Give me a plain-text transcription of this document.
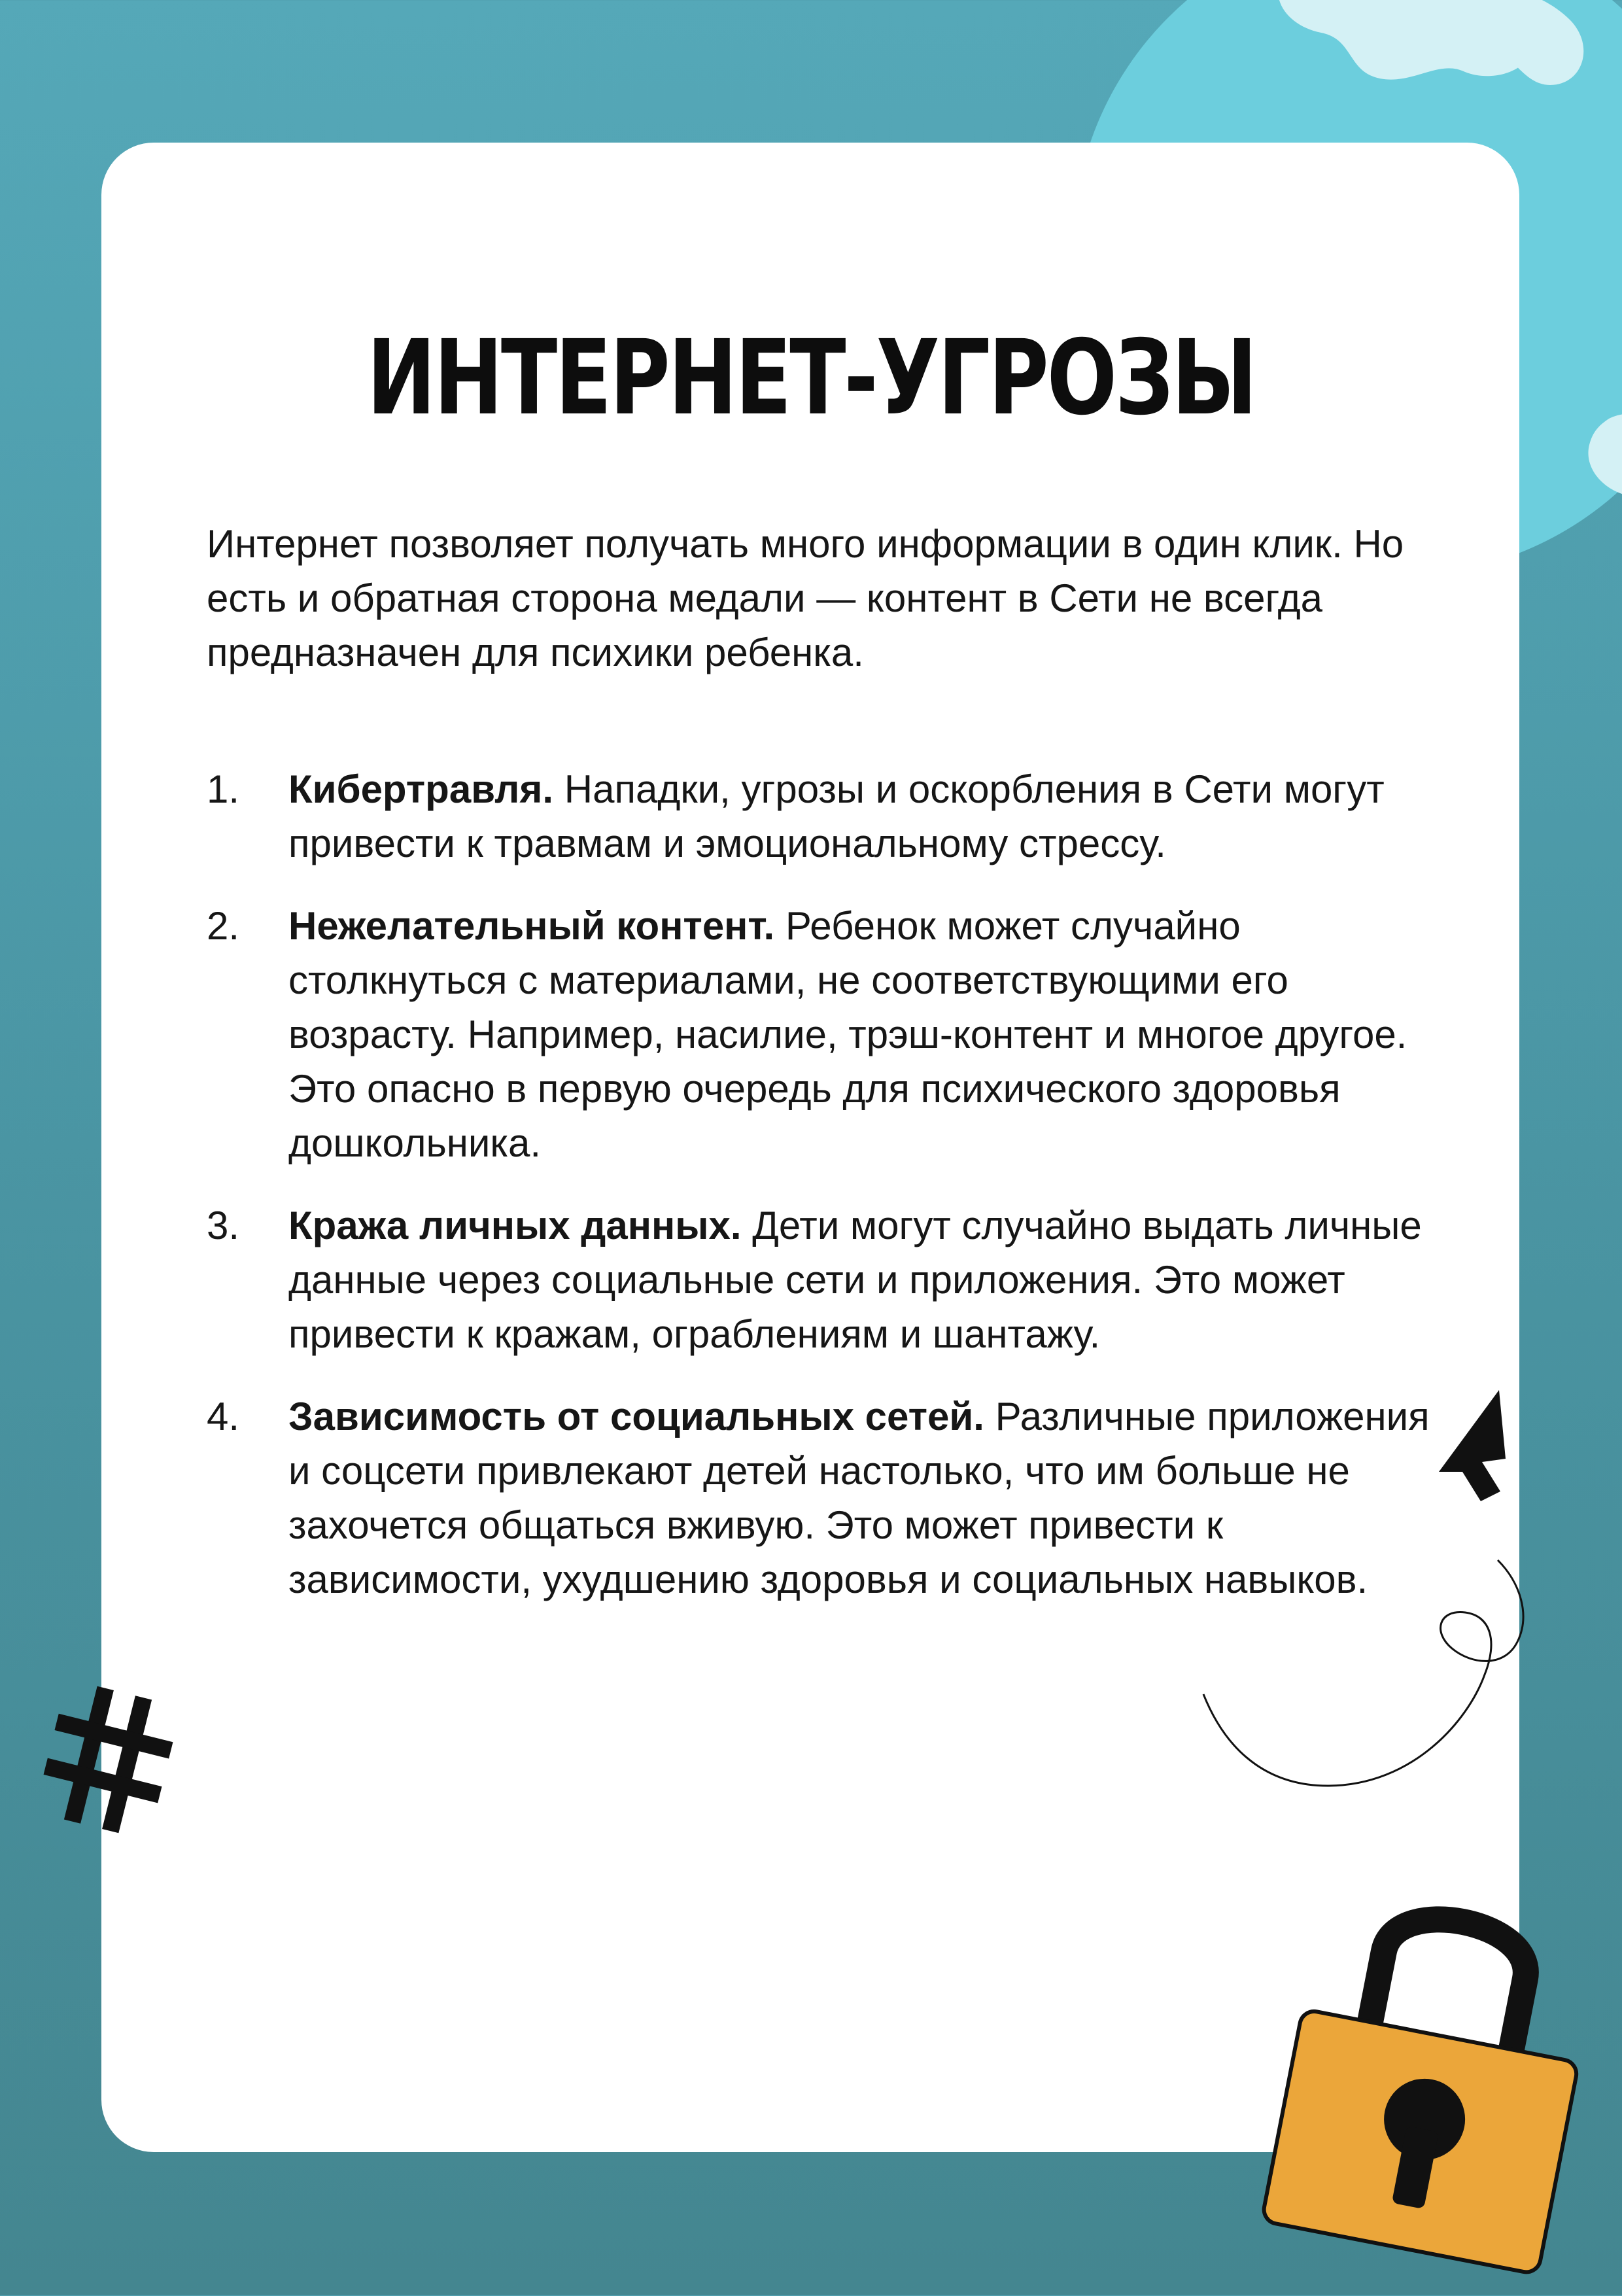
ИНТЕРНЕТ-УГРОЗЫ
Интернет позволяет получать много информации в один клик. Но есть и обратная сторона медали — контент в Сети не всегда предназначен для психики ребенка.
1.	Кибертравля. Нападки, угрозы и оскорбления в Сети могут привести к травмам и эмоциональному стрессу.
2.	Нежелательный контент. Ребенок может случайно столкнуться с материалами, не соответствующими его возрасту. Например, насилие, трэш-контент и многое другое. Это опасно в первую очередь для психического здоровья дошкольника.
3.	Кража личных данных. Дети могут случайно выдать личные данные через социальные сети и приложения. Это может привести к кражам, ограблениям и шантажу.
4.	Зависимость от социальных сетей. Различные приложения и соцсети привлекают детей настолько, что им больше не захочется общаться вживую. Это может привести к зависимости, ухудшению здоровья и социальных навыков.
